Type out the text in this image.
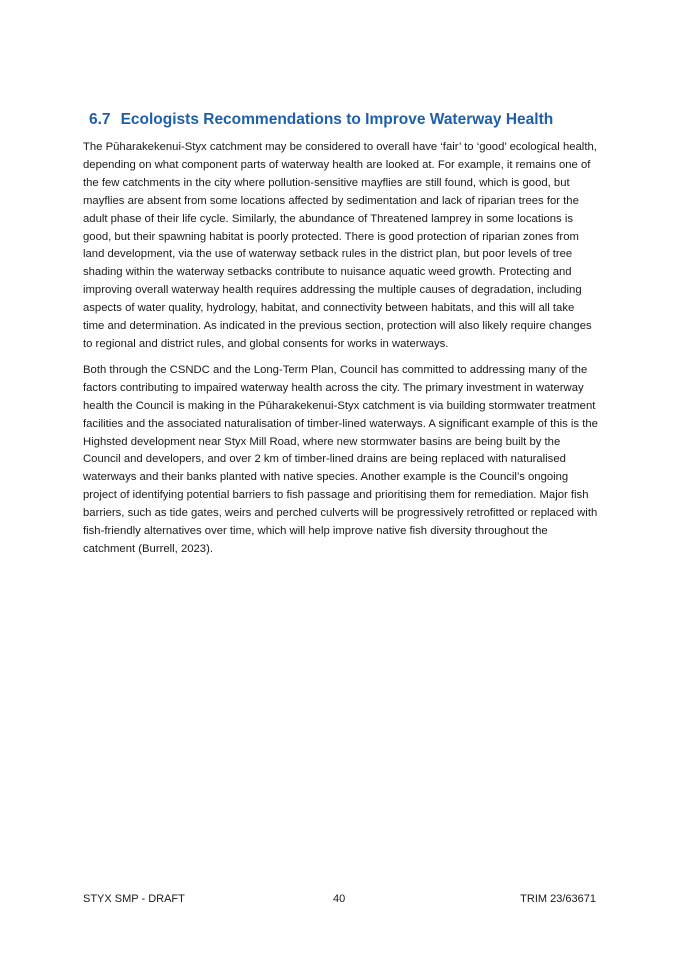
6.7 Ecologists Recommendations to Improve Waterway Health

The Pūharakekenui-Styx catchment may be considered to overall have ‘fair’ to ‘good’ ecological health, depending on what component parts of waterway health are looked at. For example, it remains one of the few catchments in the city where pollution-sensitive mayflies are still found, which is good, but mayflies are absent from some locations affected by sedimentation and lack of riparian trees for the adult phase of their life cycle. Similarly, the abundance of Threatened lamprey in some locations is good, but their spawning habitat is poorly protected. There is good protection of riparian zones from land development, via the use of waterway setback rules in the district plan, but poor levels of tree shading within the waterway setbacks contribute to nuisance aquatic weed growth. Protecting and improving overall waterway health requires addressing the multiple causes of degradation, including aspects of water quality, hydrology, habitat, and connectivity between habitats, and this will all take time and determination. As indicated in the previous section, protection will also likely require changes to regional and district rules, and global consents for works in waterways.

Both through the CSNDC and the Long-Term Plan, Council has committed to addressing many of the factors contributing to impaired waterway health across the city. The primary investment in waterway health the Council is making in the Pūharakekenui-Styx catchment is via building stormwater treatment facilities and the associated naturalisation of timber-lined waterways. A significant example of this is the Highsted development near Styx Mill Road, where new stormwater basins are being built by the Council and developers, and over 2 km of timber-lined drains are being replaced with naturalised waterways and their banks planted with native species. Another example is the Council’s ongoing project of identifying potential barriers to fish passage and prioritising them for remediation. Major fish barriers, such as tide gates, weirs and perched culverts will be progressively retrofitted or replaced with fish-friendly alternatives over time, which will help improve native fish diversity throughout the catchment (Burrell, 2023).

STYX SMP - DRAFT	40	TRIM 23/63671
